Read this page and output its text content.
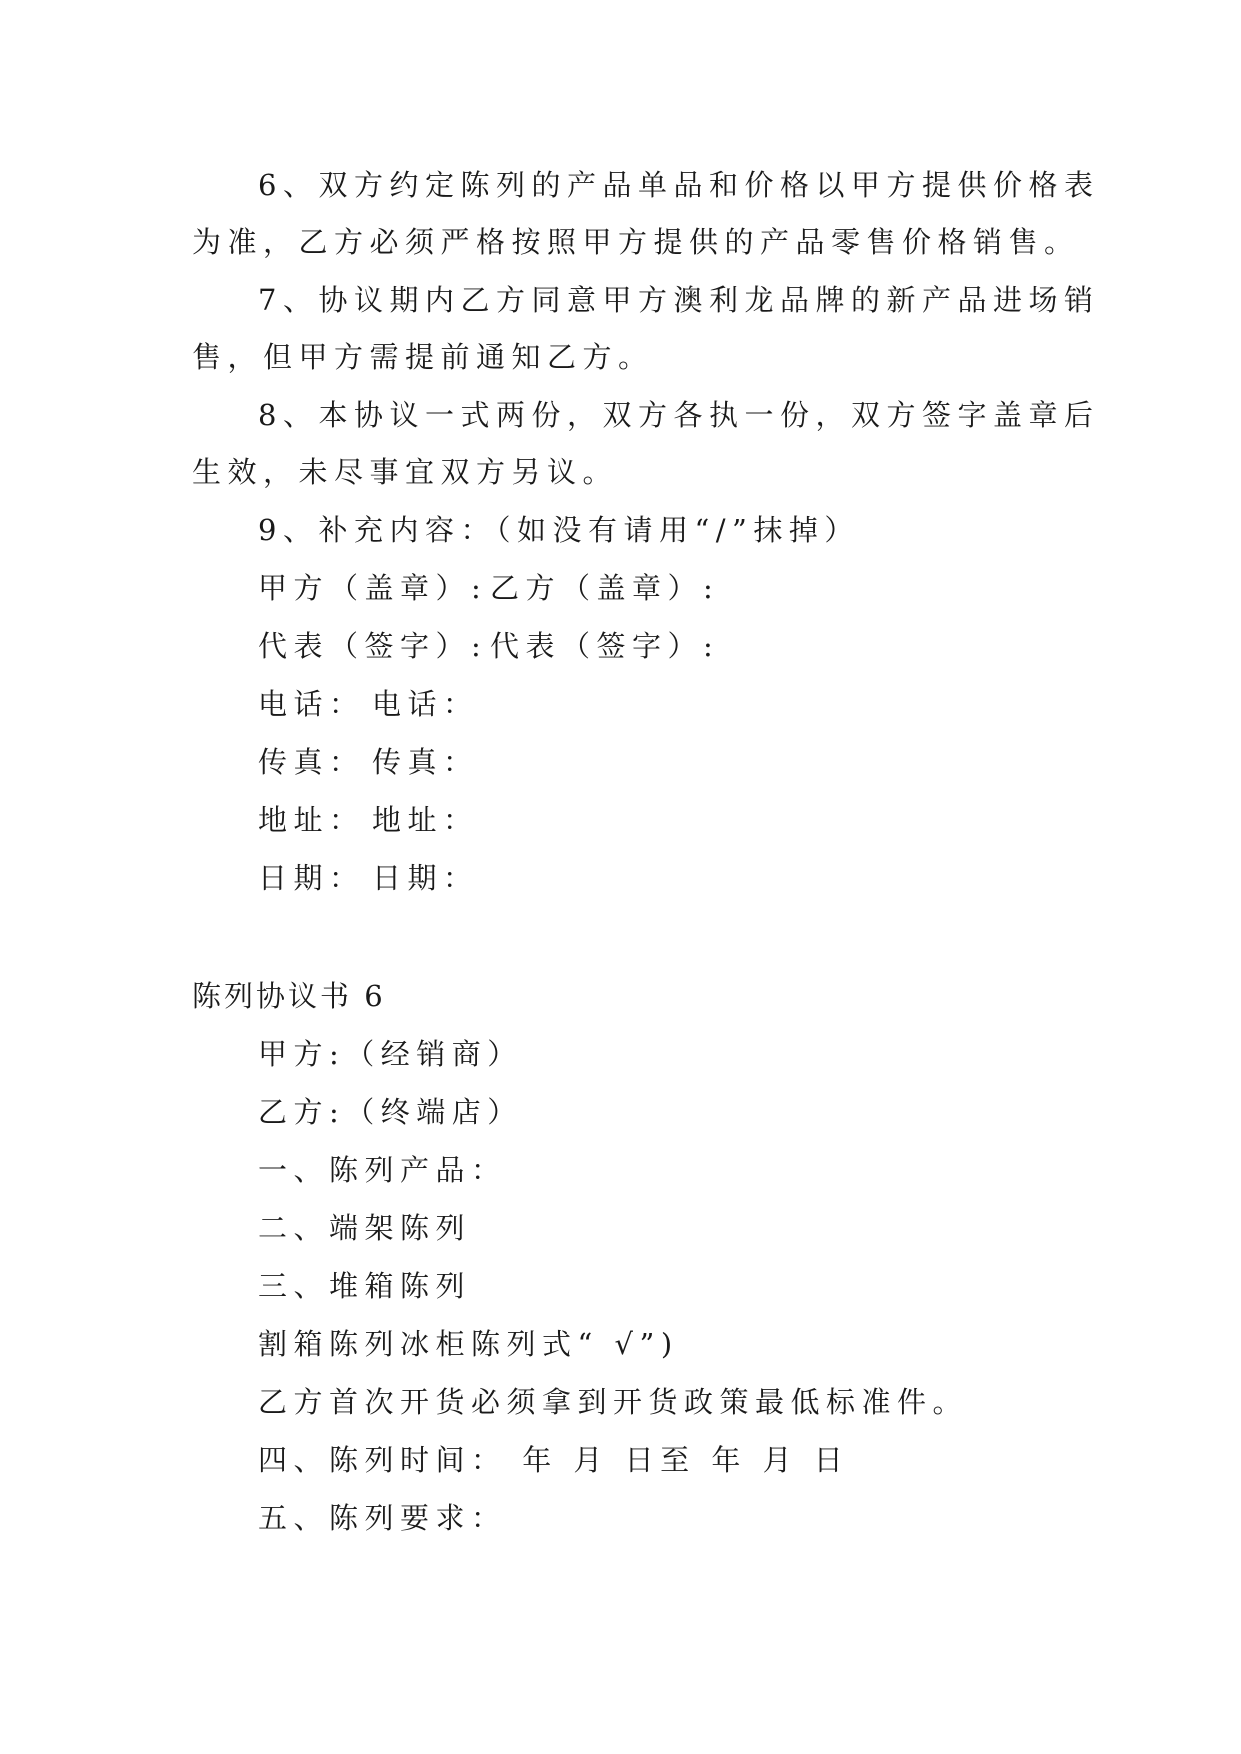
6、双方约定陈列的产品单品和价格以甲方提供价格表
为准，乙方必须严格按照甲方提供的产品零售价格销售。
7、协议期内乙方同意甲方澳利龙品牌的新产品进场销
售，但甲方需提前通知乙方。
8、本协议一式两份，双方各执一份，双方签字盖章后
生效，未尽事宜双方另议。
9、补充内容：（如没有请用“/”抹掉）
甲方（盖章）: 乙方（盖章）:
代表（签字）: 代表（签字）:
电话： 电话：
传真： 传真：
地址： 地址：
日期： 日期：
陈列协议书 6
甲方:（经销商）
乙方:（终端店）
一、陈列产品：
二、端架陈列
三、堆箱陈列
割箱陈列冰柜陈列式“ √”)
乙方首次开货必须拿到开货政策最低标准件。
四、陈列时间： 年 月 日至 年 月 日
五、陈列要求：
